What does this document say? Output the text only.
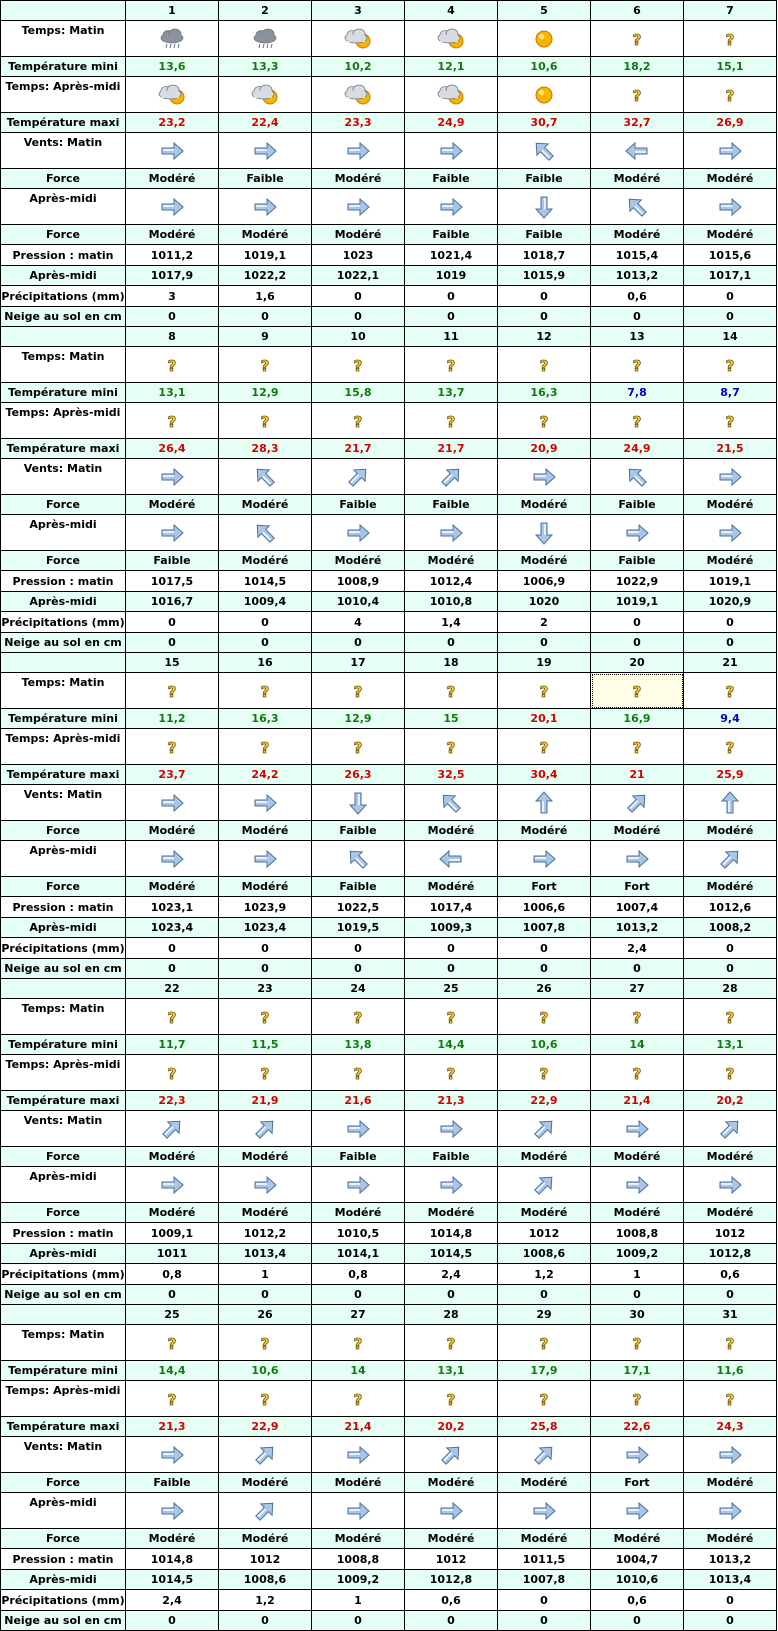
	1	2	3	4	5	6	7
Temps: Matin						?	?

Température mini	13,6	13,3	10,2	12,1	10,6	18,2	15,1
Temps: Après-midi						?	?

Température maxi	23,2	22,4	23,3	24,9	30,7	32,7	26,9
Vents: Matin	

Force	Modéré	Faible	Modéré	Faible	Faible	Modéré	Modéré
Après-midi	

Force	Modéré	Modéré	Modéré	Faible	Faible	Modéré	Modéré
Pression : matin	1011,2	1019,1	1023	1021,4	1018,7	1015,4	1015,6
Après-midi	1017,9	1022,2	1022,1	1019	1015,9	1013,2	1017,1
Précipitations (mm)	3	1,6	0	0	0	0,6	0
Neige au sol en cm	0	0	0	0	0	0	0
	8	9	10	11	12	13	14
Temps: Matin	?	?	?	?	?	?	?

Température mini	13,1	12,9	15,8	13,7	16,3	7,8	8,7
Temps: Après-midi	?	?	?	?	?	?	?

Température maxi	26,4	28,3	21,7	21,7	20,9	24,9	21,5
Vents: Matin	

Force	Modéré	Modéré	Faible	Faible	Modéré	Faible	Modéré
Après-midi	

Force	Faible	Modéré	Modéré	Modéré	Modéré	Faible	Modéré
Pression : matin	1017,5	1014,5	1008,9	1012,4	1006,9	1022,9	1019,1
Après-midi	1016,7	1009,4	1010,4	1010,8	1020	1019,1	1020,9
Précipitations (mm)	0	0	4	1,4	2	0	0
Neige au sol en cm	0	0	0	0	0	0	0
	15	16	17	18	19	20	21
Temps: Matin	?	?	?	?	?	?	?

Température mini	11,2	16,3	12,9	15	20,1	16,9	9,4
Temps: Après-midi	?	?	?	?	?	?	?

Température maxi	23,7	24,2	26,3	32,5	30,4	21	25,9
Vents: Matin	

Force	Modéré	Modéré	Faible	Modéré	Modéré	Modéré	Modéré
Après-midi	

Force	Modéré	Modéré	Faible	Modéré	Fort	Fort	Modéré
Pression : matin	1023,1	1023,9	1022,5	1017,4	1006,6	1007,4	1012,6
Après-midi	1023,4	1023,4	1019,5	1009,3	1007,8	1013,2	1008,2
Précipitations (mm)	0	0	0	0	0	2,4	0
Neige au sol en cm	0	0	0	0	0	0	0
	22	23	24	25	26	27	28
Temps: Matin	?	?	?	?	?	?	?

Température mini	11,7	11,5	13,8	14,4	10,6	14	13,1
Temps: Après-midi	?	?	?	?	?	?	?

Température maxi	22,3	21,9	21,6	21,3	22,9	21,4	20,2
Vents: Matin	

Force	Modéré	Modéré	Faible	Faible	Modéré	Modéré	Modéré
Après-midi	

Force	Modéré	Modéré	Modéré	Modéré	Modéré	Modéré	Modéré
Pression : matin	1009,1	1012,2	1010,5	1014,8	1012	1008,8	1012
Après-midi	1011	1013,4	1014,1	1014,5	1008,6	1009,2	1012,8
Précipitations (mm)	0,8	1	0,8	2,4	1,2	1	0,6
Neige au sol en cm	0	0	0	0	0	0	0
	25	26	27	28	29	30	31
Temps: Matin	?	?	?	?	?	?	?

Température mini	14,4	10,6	14	13,1	17,9	17,1	11,6
Temps: Après-midi	?	?	?	?	?	?	?

Température maxi	21,3	22,9	21,4	20,2	25,8	22,6	24,3
Vents: Matin	

Force	Faible	Modéré	Modéré	Modéré	Modéré	Fort	Modéré
Après-midi	

Force	Modéré	Modéré	Modéré	Modéré	Modéré	Modéré	Modéré
Pression : matin	1014,8	1012	1008,8	1012	1011,5	1004,7	1013,2
Après-midi	1014,5	1008,6	1009,2	1012,8	1007,8	1010,6	1013,4
Précipitations (mm)	2,4	1,2	1	0,6	0	0,6	0
Neige au sol en cm	0	0	0	0	0	0	0
